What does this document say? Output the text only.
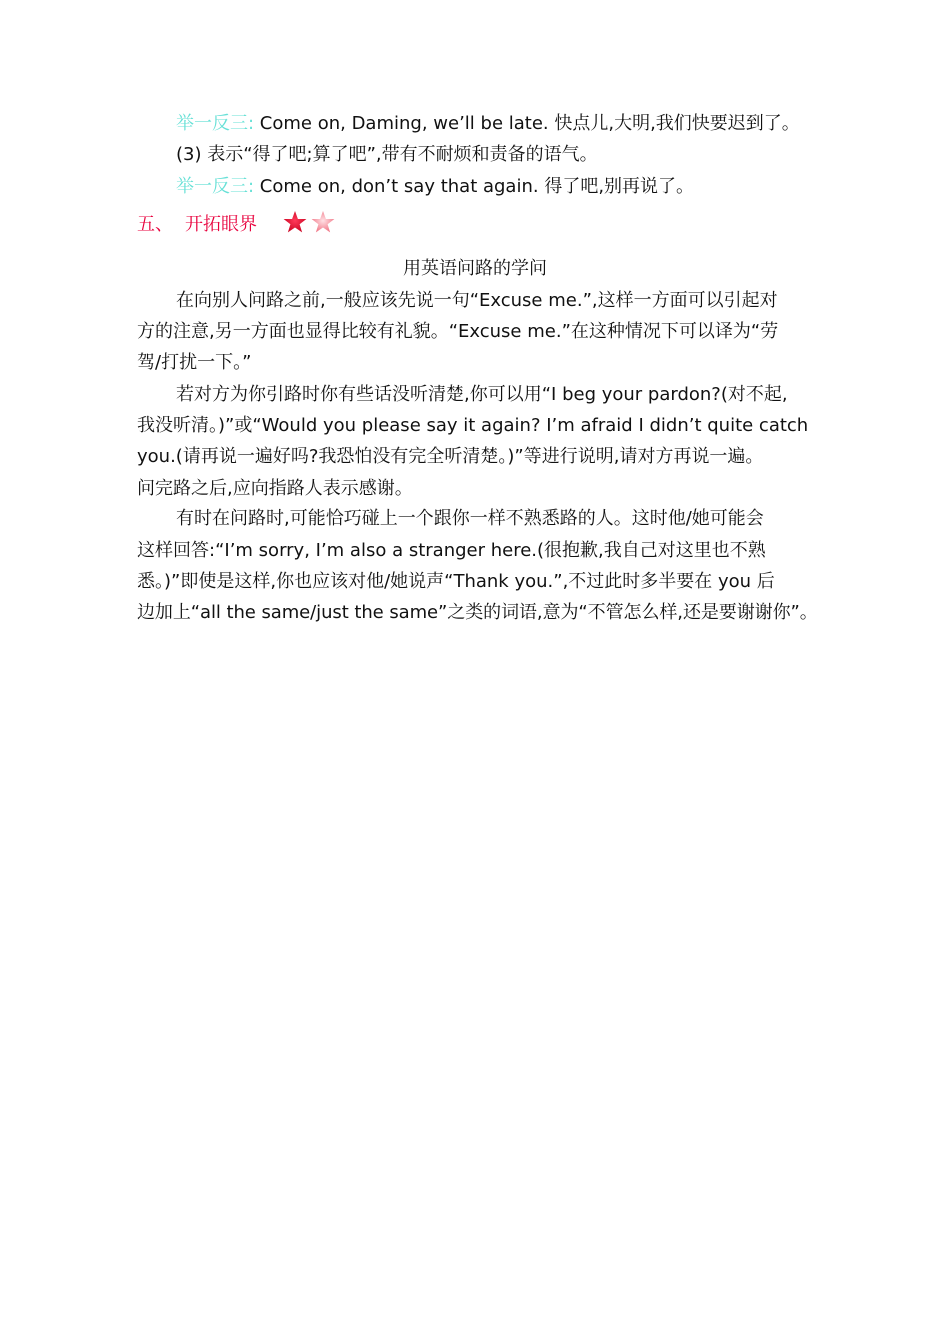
举一反三: Come on, Daming, we’ll be late. 快点儿,大明,我们快要迟到了。
(3) 表示“得了吧;算了吧”,带有不耐烦和责备的语气。
举一反三: Come on, don’t say that again. 得了吧,别再说了。
五、 开拓眼界
用英语问路的学问
在向别人问路之前,一般应该先说一句“Excuse me.”,这样一方面可以引起对
方的注意,另一方面也显得比较有礼貌。“Excuse me.”在这种情况下可以译为“劳
驾/打扰一下。”
若对方为你引路时你有些话没听清楚,你可以用“I beg your pardon?(对不起,
我没听清。)”或“Would you please say it again? I’m afraid I didn’t quite catch
you.(请再说一遍好吗?我恐怕没有完全听清楚。)”等进行说明,请对方再说一遍。
问完路之后,应向指路人表示感谢。
有时在问路时,可能恰巧碰上一个跟你一样不熟悉路的人。这时他/她可能会
这样回答:“I’m sorry, I’m also a stranger here.(很抱歉,我自己对这里也不熟
悉。)”即使是这样,你也应该对他/她说声“Thank you.”,不过此时多半要在 you 后
边加上“all the same/just the same”之类的词语,意为“不管怎么样,还是要谢谢你”。
